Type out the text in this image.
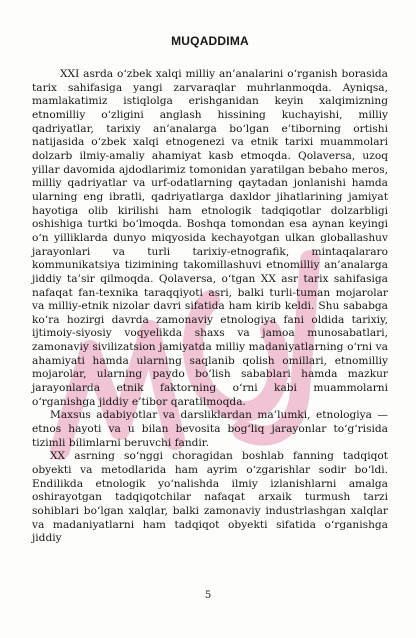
MUQADDIMA

XXI asrda o‘zbek xalqi milliy an’analarini o‘rganish borasida tarix sahifasiga yangi zarvaraqlar muhrlanmoqda. Ayniqsa, mamlakatimiz istiqlolga erishganidan keyin xalqimizning etnomilliy o‘zligini anglash hissining kuchayishi, milliy qadriyatlar, tarixiy an’analarga bo‘lgan e’tiborning ortishi natijasida o‘zbek xalqi etnogenezi va etnik tarixi muammolari dolzarb ilmiy-amaliy ahamiyat kasb etmoqda. Qolaversa, uzoq yillar davomida ajdodlarimiz tomonidan yaratilgan bebaho meros, milliy qadriyatlar va urf-odatlarning qaytadan jonlanishi hamda ularning eng ibratli, qadriyatlarga daxldor jihatlarining jamiyat hayotiga olib kirilishi ham etnologik tadqiqotlar dolzarbligi oshishiga turtki bo‘lmoqda. Boshqa tomondan esa aynan keyingi o‘n yilliklarda dunyo miqyosida kechayotgan ulkan globallashuv jarayonlari va turli tarixiy-etnografik, mintaqalararo kommunikatsiya tizimining takomillashuvi etnomilliy an’analarga jiddiy ta’sir qilmoqda. Qolaversa, o‘tgan XX asr tarix sahifasiga nafaqat fan-texnika taraqqiyoti asri, balki turli-tuman mojarolar va milliy-etnik nizolar davri sifatida ham kirib keldi. Shu sababga ko‘ra hozirgi davrda zamonaviy etnologiya fani oldida tarixiy, ijtimoiy-siyosiy voqyelikda shaxs va jamoa munosabatlari, zamonaviy sivilizatsion jamiyatda milliy madaniyatlarning o‘rni va ahamiyati hamda ularning saqlanib qolish omillari, etnomilliy mojarolar, ularning paydo bo‘lish sabablari hamda mazkur jarayonlarda etnik faktorning o‘rni kabi muammolarni o‘rganishga jiddiy e’tibor qaratilmoqda.

Maxsus adabiyotlar va darsliklardan ma’lumki, etnologiya — etnos hayoti va u bilan bevosita bog‘liq jarayonlar to‘g‘risida tizimli bilimlarni beruvchi fandir.

XX asrning so‘nggi choragidan boshlab fanning tadqiqot obyekti va metodlarida ham ayrim o‘zgarishlar sodir bo‘ldi. Endilikda etnologik yo‘nalishda ilmiy izlanishlarni amalga oshirayotgan tadqiqotchilar nafaqat arxaik turmush tarzi sohiblari bo‘lgan xalqlar, balki zamonaviy industrlashgan xalqlar va madaniyatlarni ham tadqiqot obyekti sifatida o‘rganishga jiddiy

5
